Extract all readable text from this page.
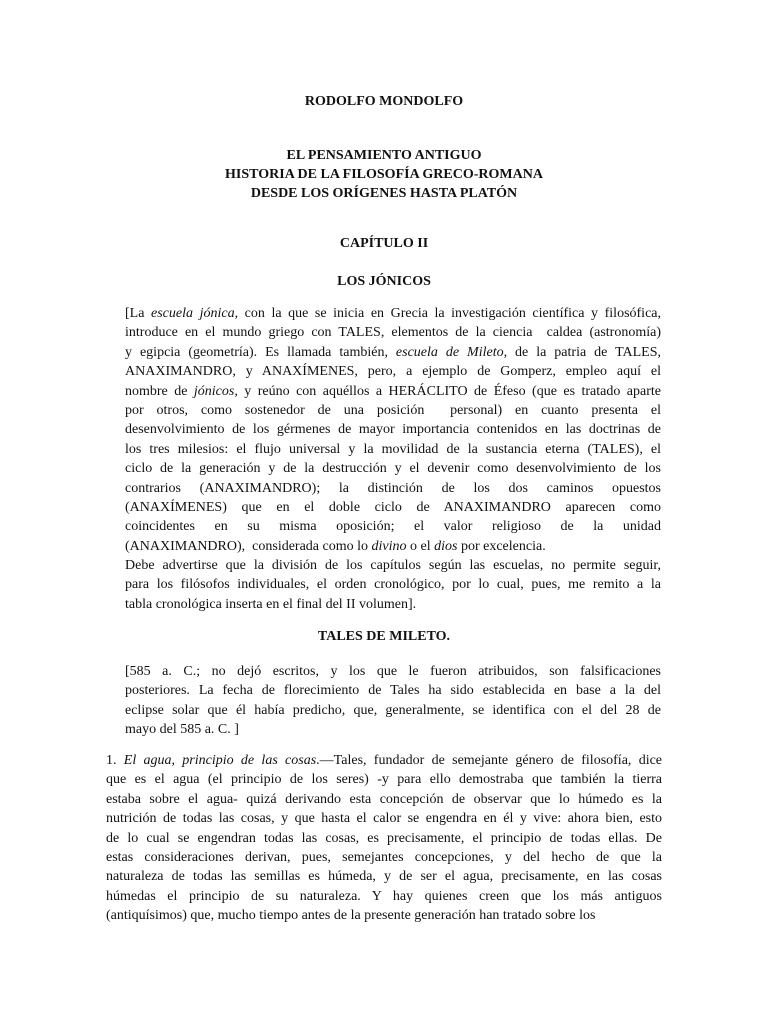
RODOLFO MONDOLFO
EL PENSAMIENTO ANTIGUO
HISTORIA DE LA FILOSOFÍA GRECO-ROMANA
DESDE LOS ORÍGENES HASTA PLATÓN
CAPÍTULO II
LOS JÓNICOS
[La escuela jónica, con la que se inicia en Grecia la investigación científica y filosófica,
introduce en el mundo griego con TALES, elementos de la ciencia  caldea (astronomía)
y egipcia (geometría). Es llamada también, escuela de Mileto, de la patria de TALES,
ANAXIMANDRO, y ANAXÍMENES, pero, a ejemplo de Gomperz, empleo aquí el
nombre de jónicos, y reúno con aquéllos a HERÁCLITO de Éfeso (que es tratado aparte
por otros, como sostenedor de una posición  personal) en cuanto presenta el
desenvolvimiento de los gérmenes de mayor importancia contenidos en las doctrinas de
los tres milesios: el flujo universal y la movilidad de la sustancia eterna (TALES), el
ciclo de la generación y de la destrucción y el devenir como desenvolvimiento de los
contrarios (ANAXIMANDRO); la distinción de los dos caminos opuestos
(ANAXÍMENES) que en el doble ciclo de ANAXIMANDRO aparecen como
coincidentes en su misma oposición; el valor religioso de la unidad
(ANAXIMANDRO),  considerada como lo divino o el dios por excelencia.
Debe advertirse que la división de los capítulos según las escuelas, no permite seguir,
para los filósofos individuales, el orden cronológico, por lo cual, pues, me remito a la
tabla cronológica inserta en el final del II volumen].
TALES DE MILETO.
[585 a. C.; no dejó escritos, y los que le fueron atribuidos, son falsificaciones
posteriores. La fecha de florecimiento de Tales ha sido establecida en base a la del
eclipse solar que él había predicho, que, generalmente, se identifica con el del 28 de
mayo del 585 a. C. ]
1. El agua, principio de las cosas.—Tales, fundador de semejante género de filosofía, dice
que es el agua (el principio de los seres) -y para ello demostraba que también la tierra
estaba sobre el agua- quizá derivando esta concepción de observar que lo húmedo es la
nutrición de todas las cosas, y que hasta el calor se engendra en él y vive: ahora bien, esto
de lo cual se engendran todas las cosas, es precisamente, el principio de todas ellas. De
estas consideraciones derivan, pues, semejantes concepciones, y del hecho de que la
naturaleza de todas las semillas es húmeda, y de ser el agua, precisamente, en las cosas
húmedas el principio de su naturaleza. Y hay quienes creen que los más antiguos
(antiquísimos) que, mucho tiempo antes de la presente generación han tratado sobre los
